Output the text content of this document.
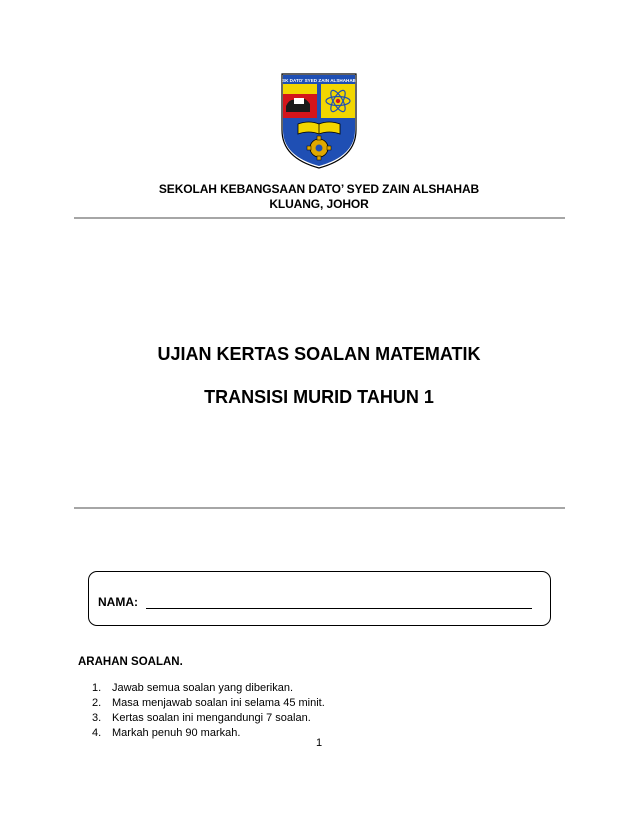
SK DATO' SYED ZAIN ALSHAHAB
SEKOLAH KEBANGSAAN DATO’ SYED ZAIN ALSHAHAB
KLUANG, JOHOR
UJIAN KERTAS SOALAN MATEMATIK
TRANSISI MURID TAHUN 1
NAMA:
ARAHAN SOALAN.
1. Jawab semua soalan yang diberikan.
2. Masa menjawab soalan ini selama 45 minit.
3. Kertas soalan ini mengandungi 7 soalan.
4. Markah penuh 90 markah.
1
